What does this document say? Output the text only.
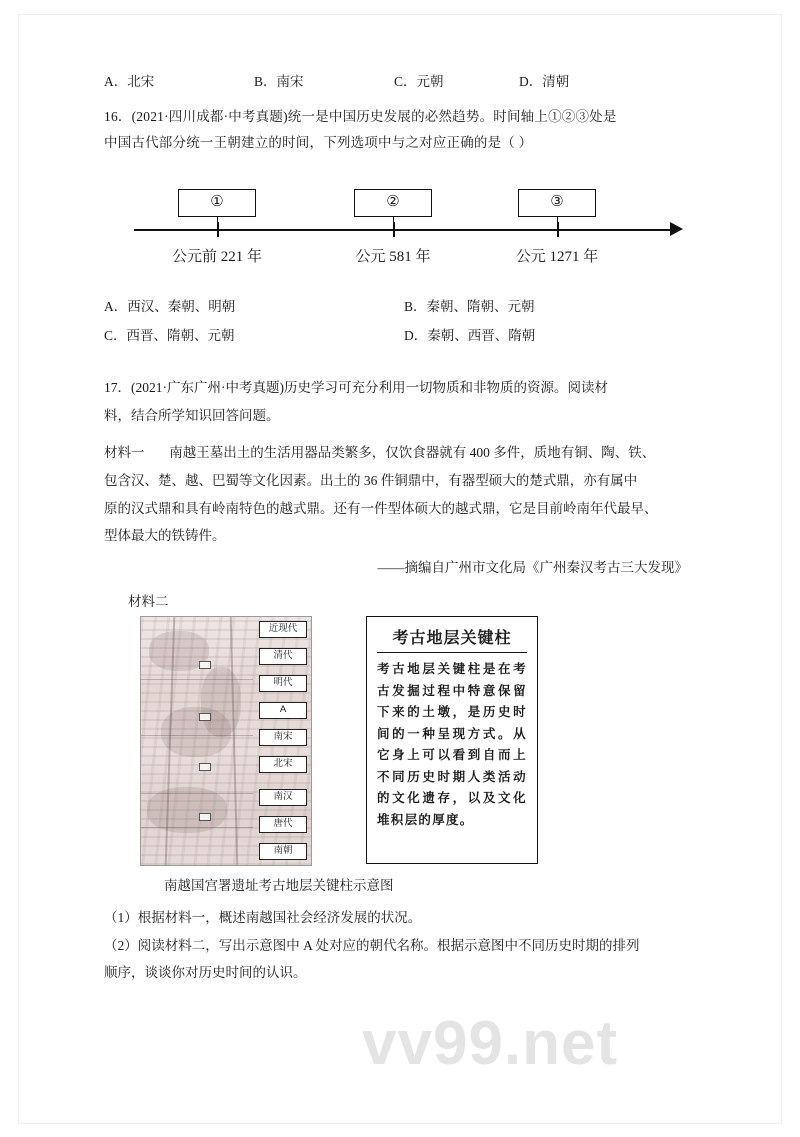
A．北宋	B．南宋	C．元朝	D．清朝
16．(2021·四川成都·中考真题)统一是中国历史发展的必然趋势。时间轴上①②③处是
中国古代部分统一王朝建立的时间，下列选项中与之对应正确的是（ ）
①
公元前 221 年
②
公元 581 年
③
公元 1271 年
A．西汉、秦朝、明朝	B．秦朝、隋朝、元朝
C．西晋、隋朝、元朝	D．秦朝、西晋、隋朝
17．(2021·广东广州·中考真题)历史学习可充分利用一切物质和非物质的资源。阅读材
料，结合所学知识回答问题。
材料一 南越王墓出土的生活用器品类繁多，仅饮食器就有 400 多件，质地有铜、陶、铁、
包含汉、楚、越、巴蜀等文化因素。出土的 36 件铜鼎中，有器型硕大的楚式鼎，亦有属中
原的汉式鼎和具有岭南特色的越式鼎。还有一件型体硕大的越式鼎，它是目前岭南年代最早、
型体最大的铁铸件。
——摘编自广州市文化局《广州秦汉考古三大发现》
材料二
近现代
清代
明代
A
南宋
北宋
南汉
唐代
南朝
考古地层关键柱
考古地层关键柱是在考古发掘过程中特意保留下来的土墩，是历史时间的一种呈现方式。从它身上可以看到自而上不同历史时期人类活动的文化遗存，以及文化堆积层的厚度。
南越国宫署遗址考古地层关键柱示意图
（1）根据材料一，概述南越国社会经济发展的状况。
（2）阅读材料二，写出示意图中 A 处对应的朝代名称。根据示意图中不同历史时期的排列
顺序，谈谈你对历史时间的认识。
vv99.net
